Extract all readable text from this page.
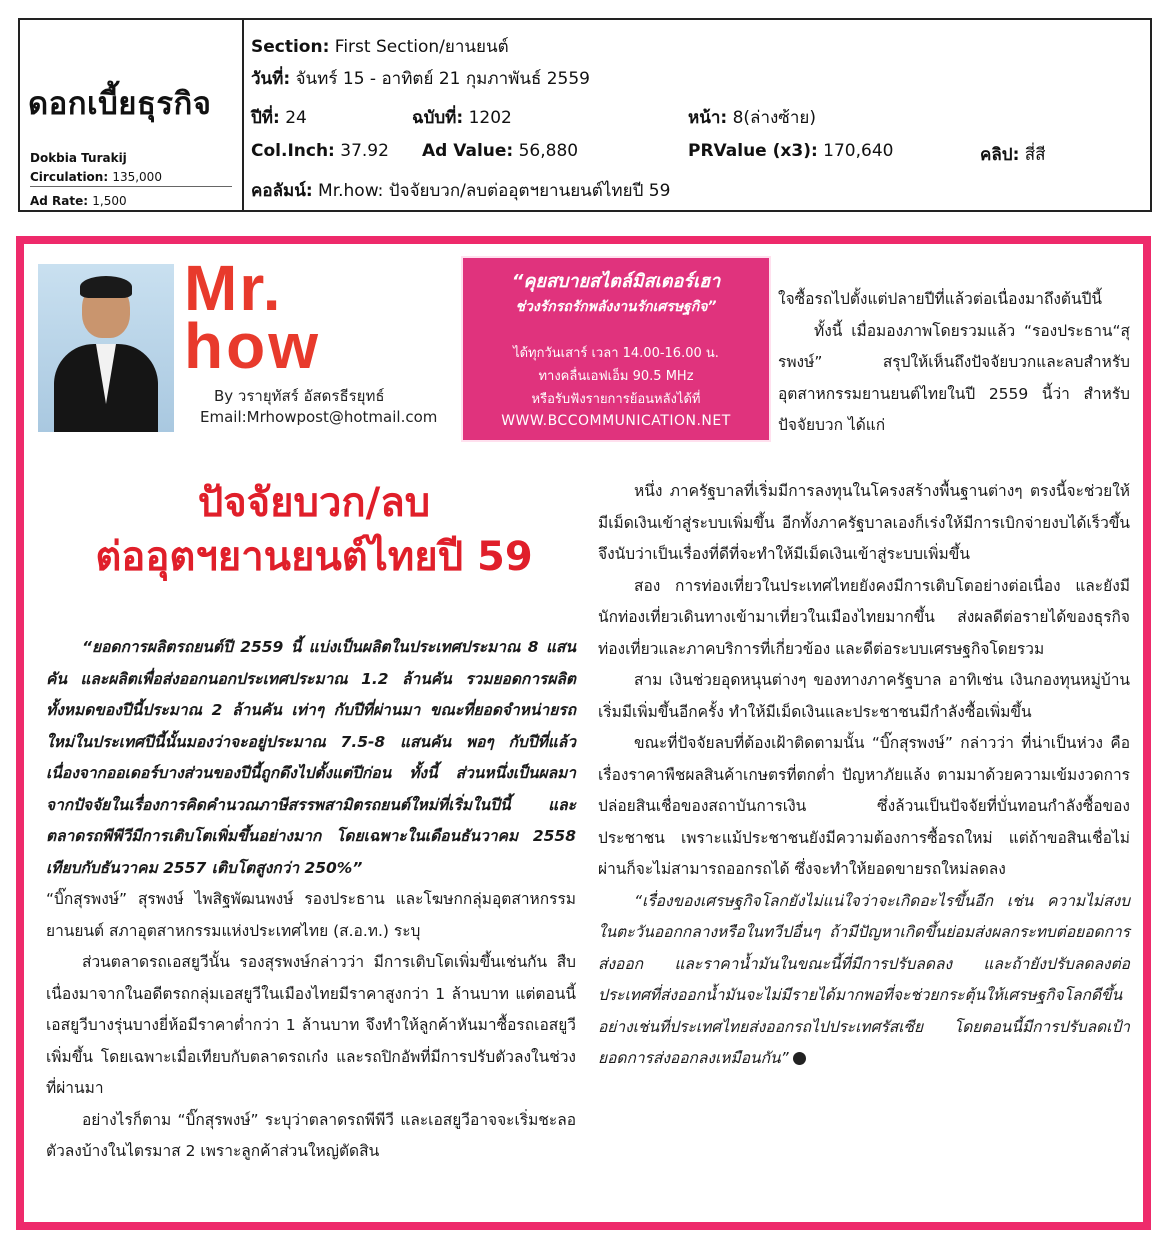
ดอกเบี้ยธุรกิจ
Dokbia Turakij
Circulation: 135,000
Ad Rate: 1,500
Section: First Section/ยานยนต์
วันที่: จันทร์ 15 - อาทิตย์ 21 กุมภาพันธ์ 2559
ปีที่: 24	ฉบับที่: 1202	หน้า: 8(ล่างซ้าย)
Col.Inch: 37.92 Ad Value: 56,880	PRValue (x3): 170,640	คลิป: สี่สี
คอลัมน์: Mr.how: ปัจจัยบวก/ลบต่ออุตฯยานยนต์ไทยปี 59
Mr.
how
By วรายุทัสร์ อัสดรธีรยุทธ์
Email:Mrhowpost@hotmail.com
“คุยสบายสไตล์มิสเตอร์เฮา
ช่วงรักรถรักพลังงานรักเศรษฐกิจ”
ได้ทุกวันเสาร์ เวลา 14.00-16.00 น.
ทางคลื่นเอฟเอ็ม 90.5 MHz
หรือรับฟังรายการย้อนหลังได้ที่
WWW.BCCOMMUNICATION.NET
ปัจจัยบวก/ลบ
ต่ออุตฯยานยนต์ไทยปี 59

“ยอดการผลิตรถยนต์ปี 2559 นี้ แบ่งเป็นผลิตในประเทศประมาณ 8 แสนคัน และผลิตเพื่อส่งออกนอกประเทศประมาณ 1.2 ล้านคัน รวมยอดการผลิตทั้งหมดของปีนี้ประมาณ 2 ล้านคัน เท่าๆ กับปีที่ผ่านมา ขณะที่ยอดจำหน่ายรถใหม่ในประเทศปีนี้นั้นมองว่าจะอยู่ประมาณ 7.5-8 แสนคัน พอๆ กับปีที่แล้ว เนื่องจากออเดอร์บางส่วนของปีนี้ถูกดึงไปตั้งแต่ปีก่อน ทั้งนี้ ส่วนหนึ่งเป็นผลมาจากปัจจัยในเรื่องการคิดคำนวณภาษีสรรพสามิตรถยนต์ใหม่ที่เริ่มในปีนี้ และตลาดรถพีพีวีมีการเติบโตเพิ่มขึ้นอย่างมาก โดยเฉพาะในเดือนธันวาคม 2558 เทียบกับธันวาคม 2557 เติบโตสูงกว่า 250%”

“บิ๊กสุรพงษ์” สุรพงษ์ ไพสิฐพัฒนพงษ์ รองประธาน และโฆษกกลุ่มอุตสาหกรรมยานยนต์ สภาอุตสาหกรรมแห่งประเทศไทย (ส.อ.ท.) ระบุ

ส่วนตลาดรถเอสยูวีนั้น รองสุรพงษ์กล่าวว่า มีการเติบโตเพิ่มขึ้นเช่นกัน สืบเนื่องมาจากในอดีตรถกลุ่มเอสยูวีในเมืองไทยมีราคาสูงกว่า 1 ล้านบาท แต่ตอนนี้เอสยูวีบางรุ่นบางยี่ห้อมีราคาต่ำกว่า 1 ล้านบาท จึงทำให้ลูกค้าหันมาซื้อรถเอสยูวีเพิ่มขึ้น โดยเฉพาะเมื่อเทียบกับตลาดรถเก๋ง และรถปิกอัพที่มีการปรับตัวลงในช่วงที่ผ่านมา

อย่างไรก็ตาม “บิ๊กสุรพงษ์” ระบุว่าตลาดรถพีพีวี และเอสยูวีอาจจะเริ่มชะลอตัวลงบ้างในไตรมาส 2 เพราะลูกค้าส่วนใหญ่ตัดสิน

ใจซื้อรถไปตั้งแต่ปลายปีที่แล้วต่อเนื่องมาถึงต้นปีนี้

ทั้งนี้ เมื่อมองภาพโดยรวมแล้ว “รองประธาน“สุรพงษ์” สรุปให้เห็นถึงปัจจัยบวกและลบสำหรับอุตสาหกรรมยานยนต์ไทยในปี 2559 นี้ว่า สำหรับปัจจัยบวก ได้แก่

หนึ่ง ภาครัฐบาลที่เริ่มมีการลงทุนในโครงสร้างพื้นฐานต่างๆ ตรงนี้จะช่วยให้มีเม็ดเงินเข้าสู่ระบบเพิ่มขึ้น อีกทั้งภาครัฐบาลเองก็เร่งให้มีการเบิกจ่ายงบได้เร็วขึ้น จึงนับว่าเป็นเรื่องที่ดีที่จะทำให้มีเม็ดเงินเข้าสู่ระบบเพิ่มขึ้น

สอง การท่องเที่ยวในประเทศไทยยังคงมีการเติบโตอย่างต่อเนื่อง และยังมีนักท่องเที่ยวเดินทางเข้ามาเที่ยวในเมืองไทยมากขึ้น ส่งผลดีต่อรายได้ของธุรกิจท่องเที่ยวและภาคบริการที่เกี่ยวข้อง และดีต่อระบบเศรษฐกิจโดยรวม

สาม เงินช่วยอุดหนุนต่างๆ ของทางภาครัฐบาล อาทิเช่น เงินกองทุนหมู่บ้านเริ่มมีเพิ่มขึ้นอีกครั้ง ทำให้มีเม็ดเงินและประชาชนมีกำลังซื้อเพิ่มขึ้น

ขณะที่ปัจจัยลบที่ต้องเฝ้าติดตามนั้น “บิ๊กสุรพงษ์” กล่าวว่า ที่น่าเป็นห่วง คือเรื่องราคาพืชผลสินค้าเกษตรที่ตกต่ำ ปัญหาภัยแล้ง ตามมาด้วยความเข้มงวดการปล่อยสินเชื่อของสถาบันการเงิน ซึ่งล้วนเป็นปัจจัยที่บั่นทอนกำลังซื้อของประชาชน เพราะแม้ประชาชนยังมีความต้องการซื้อรถใหม่ แต่ถ้าขอสินเชื่อไม่ผ่านก็จะไม่สามารถออกรถได้ ซึ่งจะทำให้ยอดขายรถใหม่ลดลง

“เรื่องของเศรษฐกิจโลกยังไม่แน่ใจว่าจะเกิดอะไรขึ้นอีก เช่น ความไม่สงบในตะวันออกกลางหรือในทวีปอื่นๆ ถ้ามีปัญหาเกิดขึ้นย่อมส่งผลกระทบต่อยอดการส่งออก และราคาน้ำมันในขณะนี้ที่มีการปรับลดลง และถ้ายังปรับลดลงต่อ ประเทศที่ส่งออกน้ำมันจะไม่มีรายได้มากพอที่จะช่วยกระตุ้นให้เศรษฐกิจโลกดีขึ้น อย่างเช่นที่ประเทศไทยส่งออกรถไปประเทศรัสเซีย โดยตอนนี้มีการปรับลดเป้ายอดการส่งออกลงเหมือนกัน”
